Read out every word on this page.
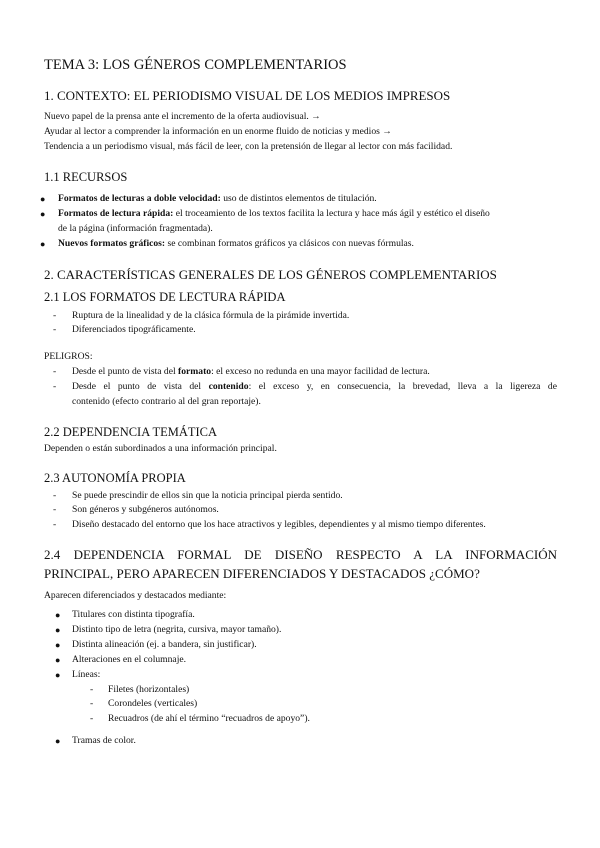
TEMA 3: LOS GÉNEROS COMPLEMENTARIOS
1. CONTEXTO: EL PERIODISMO VISUAL DE LOS MEDIOS IMPRESOS
Nuevo papel de la prensa ante el incremento de la oferta audiovisual. →
Ayudar al lector a comprender la información en un enorme fluido de noticias y medios →
Tendencia a un periodismo visual, más fácil de leer, con la pretensión de llegar al lector con más facilidad.
1.1 RECURSOS
● Formatos de lecturas a doble velocidad: uso de distintos elementos de titulación.
● Formatos de lectura rápida: el troceamiento de los textos facilita la lectura y hace más ágil y estético el diseño
de la página (información fragmentada).
● Nuevos formatos gráficos: se combinan formatos gráficos ya clásicos con nuevas fórmulas.
2. CARACTERÍSTICAS GENERALES DE LOS GÉNEROS COMPLEMENTARIOS
2.1 LOS FORMATOS DE LECTURA RÁPIDA
- Ruptura de la linealidad y de la clásica fórmula de la pirámide invertida.
- Diferenciados tipográficamente.
PELIGROS:
- Desde el punto de vista del formato: el exceso no redunda en una mayor facilidad de lectura.
- Desde el punto de vista del contenido: el exceso y, en consecuencia, la brevedad, lleva a la ligereza de
contenido (efecto contrario al del gran reportaje).
2.2 DEPENDENCIA TEMÁTICA
Dependen o están subordinados a una información principal.
2.3 AUTONOMÍA PROPIA
- Se puede prescindir de ellos sin que la noticia principal pierda sentido.
- Son géneros y subgéneros autónomos.
- Diseño destacado del entorno que los hace atractivos y legibles, dependientes y al mismo tiempo diferentes.
2.4 DEPENDENCIA FORMAL DE DISEÑO RESPECTO A LA INFORMACIÓN
PRINCIPAL, PERO APARECEN DIFERENCIADOS Y DESTACADOS ¿CÓMO?
Aparecen diferenciados y destacados mediante:
● Titulares con distinta tipografía.
● Distinto tipo de letra (negrita, cursiva, mayor tamaño).
● Distinta alineación (ej. a bandera, sin justificar).
● Alteraciones en el columnaje.
● Líneas:
- Filetes (horizontales)
- Corondeles (verticales)
- Recuadros (de ahí el término “recuadros de apoyo”).
● Tramas de color.
